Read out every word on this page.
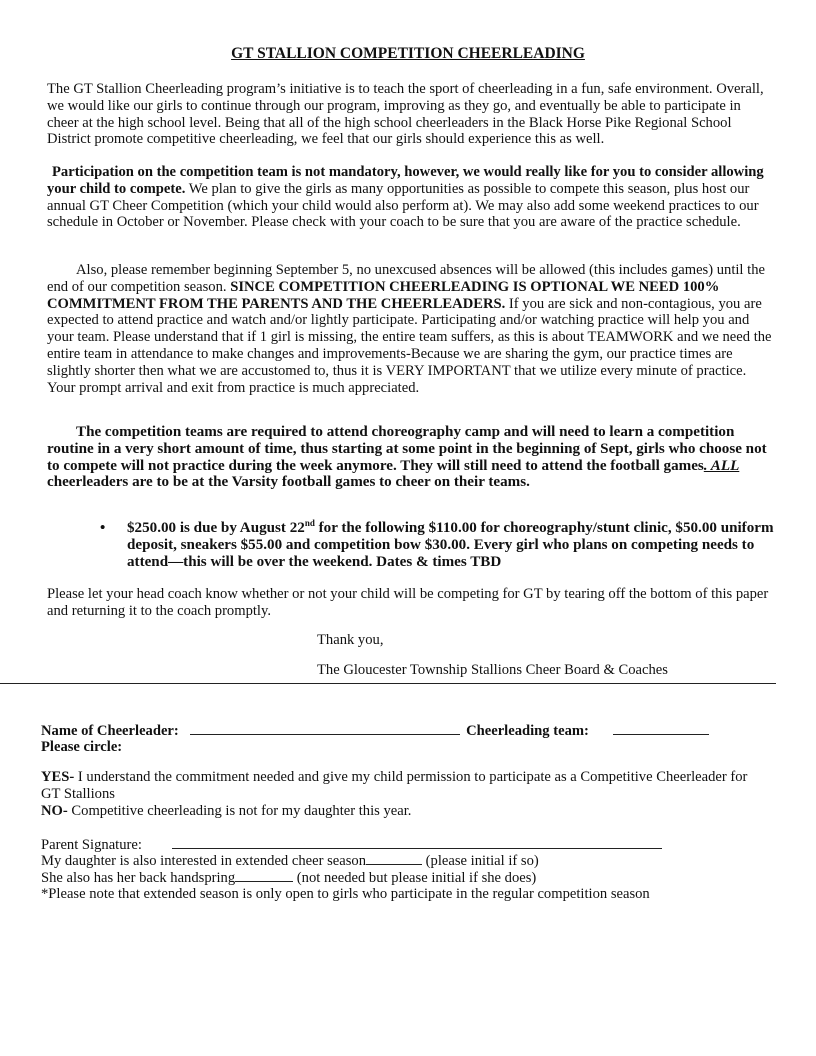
GT STALLION COMPETITION CHEERLEADING

The GT Stallion Cheerleading program’s initiative is to teach the sport of cheerleading in a fun, safe environment. Overall, we would like our girls to continue through our program, improving as they go, and eventually be able to participate in cheer at the high school level. Being that all of the high school cheerleaders in the Black Horse Pike Regional School District promote competitive cheerleading, we feel that our girls should experience this as well.

Participation on the competition team is not mandatory, however, we would really like for you to consider allowing your child to compete. We plan to give the girls as many opportunities as possible to compete this season, plus host our annual GT Cheer Competition (which your child would also perform at). We may also add some weekend practices to our schedule in October or November. Please check with your coach to be sure that you are aware of the practice schedule.

Also, please remember beginning September 5, no unexcused absences will be allowed (this includes games) until the end of our competition season. SINCE COMPETITION CHEERLEADING IS OPTIONAL WE NEED 100% COMMITMENT FROM THE PARENTS AND THE CHEERLEADERS. If you are sick and non-contagious, you are expected to attend practice and watch and/or lightly participate. Participating and/or watching practice will help you and your team. Please understand that if 1 girl is missing, the entire team suffers, as this is about TEAMWORK and we need the entire team in attendance to make changes and improvements-Because we are sharing the gym, our practice times are slightly shorter then what we are accustomed to, thus it is VERY IMPORTANT that we utilize every minute of practice. Your prompt arrival and exit from practice is much appreciated.

The competition teams are required to attend choreography camp and will need to learn a competition routine in a very short amount of time, thus starting at some point in the beginning of Sept, girls who choose not to compete will not practice during the week anymore. They will still need to attend the football games. ALL cheerleaders are to be at the Varsity football games to cheer on their teams.

• $250.00 is due by August 22nd for the following $110.00 for choreography/stunt clinic, $50.00 uniform deposit, sneakers $55.00 and competition bow $30.00. Every girl who plans on competing needs to attend—this will be over the weekend. Dates & times TBD

Please let your head coach know whether or not your child will be competing for GT by tearing off the bottom of this paper and returning it to the coach promptly.

Thank you,
The Gloucester Township Stallions Cheer Board & Coaches
Name of Cheerleader:	Cheerleading team:
Please circle:
YES- I understand the commitment needed and give my child permission to participate as a Competitive Cheerleader for GT Stallions
NO- Competitive cheerleading is not for my daughter this year.
Parent Signature:
My daughter is also interested in extended cheer season	(please initial if so)
She also has her back handspring	(not needed but please initial if she does)
*Please note that extended season is only open to girls who participate in the regular competition season
